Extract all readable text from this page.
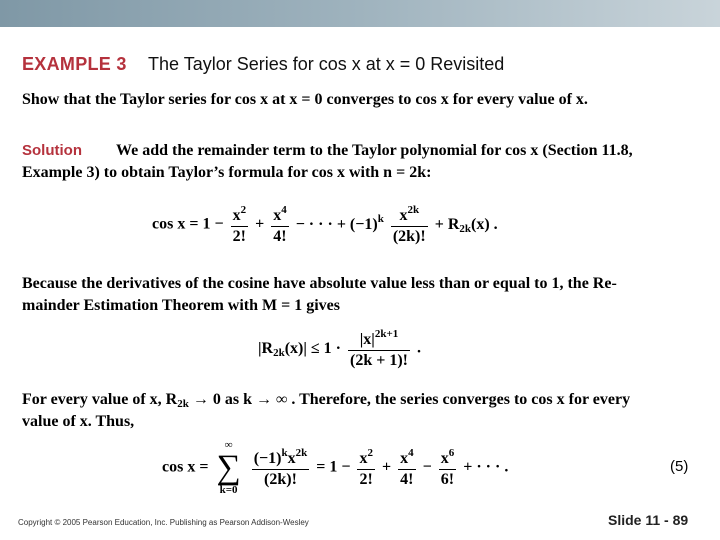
EXAMPLE 3 The Taylor Series for cos x at x = 0 Revisited
Show that the Taylor series for cos x at x = 0 converges to cos x for every value of x.
Solution We add the remainder term to the Taylor polynomial for cos x (Section 11.8,
Example 3) to obtain Taylor’s formula for cos x with n = 2k:
$\cos x = 1 - \frac{x^2}{2!} + \frac{x^4}{4!}$ − · · · + $(-1)^k \frac{x^{2k}}{(2k)!} + R_{2k}(x)$ .
Because the derivatives of the cosine have absolute value less than or equal to 1, the Re-
mainder Estimation Theorem with M = 1 gives
$|R_{2k}(x)| \le 1 \cdot \frac{|x|^{2k+1}}{(2k + 1)!}$ .
For every value of x, $R_{2k} \to 0$ as k → ∞ . Therefore, the series converges to cos x for every
value of x. Thus,
cos x =
∞
∑
k=0

$\frac{(-1)^kx^{2k}}{(2k)!} = 1 - \frac{x^2}{2!} + \frac{x^4}{4!} - \frac{x^6}{6!}$ + · · · .	(5)
Copyright © 2005 Pearson Education, Inc. Publishing as Pearson Addison-Wesley	Slide 11 - 89
